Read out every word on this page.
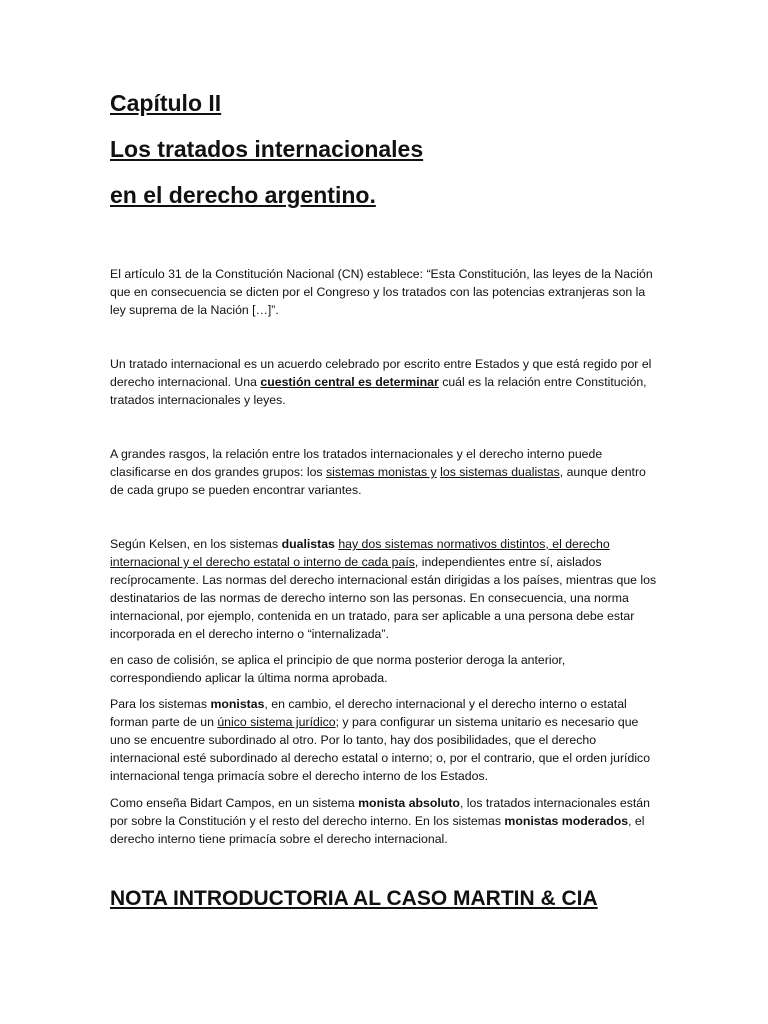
Capítulo II
Los tratados internacionales
en el derecho argentino.

El artículo 31 de la Constitución Nacional (CN) establece: “Esta Constitución, las leyes de la Nación que en consecuencia se dicten por el Congreso y los tratados con las potencias extranjeras son la ley suprema de la Nación […]”.

Un tratado internacional es un acuerdo celebrado por escrito entre Estados y que está regido por el derecho internacional. Una cuestión central es determinar cuál es la relación entre Constitución, tratados internacionales y leyes.

A grandes rasgos, la relación entre los tratados internacionales y el derecho interno puede clasificarse en dos grandes grupos: los sistemas monistas y los sistemas dualistas, aunque dentro de cada grupo se pueden encontrar variantes.

Según Kelsen, en los sistemas dualistas hay dos sistemas normativos distintos, el derecho internacional y el derecho estatal o interno de cada país, independientes entre sí, aislados recíprocamente. Las normas del derecho internacional están dirigidas a los países, mientras que los destinatarios de las normas de derecho interno son las personas. En consecuencia, una norma internacional, por ejemplo, contenida en un tratado, para ser aplicable a una persona debe estar incorporada en el derecho interno o “internalizada”.

en caso de colisión, se aplica el principio de que norma posterior deroga la anterior, correspondiendo aplicar la última norma aprobada.

Para los sistemas monistas, en cambio, el derecho internacional y el derecho interno o estatal forman parte de un único sistema jurídico; y para configurar un sistema unitario es necesario que uno se encuentre subordinado al otro. Por lo tanto, hay dos posibilidades, que el derecho internacional esté subordinado al derecho estatal o interno; o, por el contrario, que el orden jurídico internacional tenga primacía sobre el derecho interno de los Estados.

Como enseña Bidart Campos, en un sistema monista absoluto, los tratados internacionales están por sobre la Constitución y el resto del derecho interno. En los sistemas monistas moderados, el derecho interno tiene primacía sobre el derecho internacional.

NOTA INTRODUCTORIA AL CASO MARTIN & CIA
